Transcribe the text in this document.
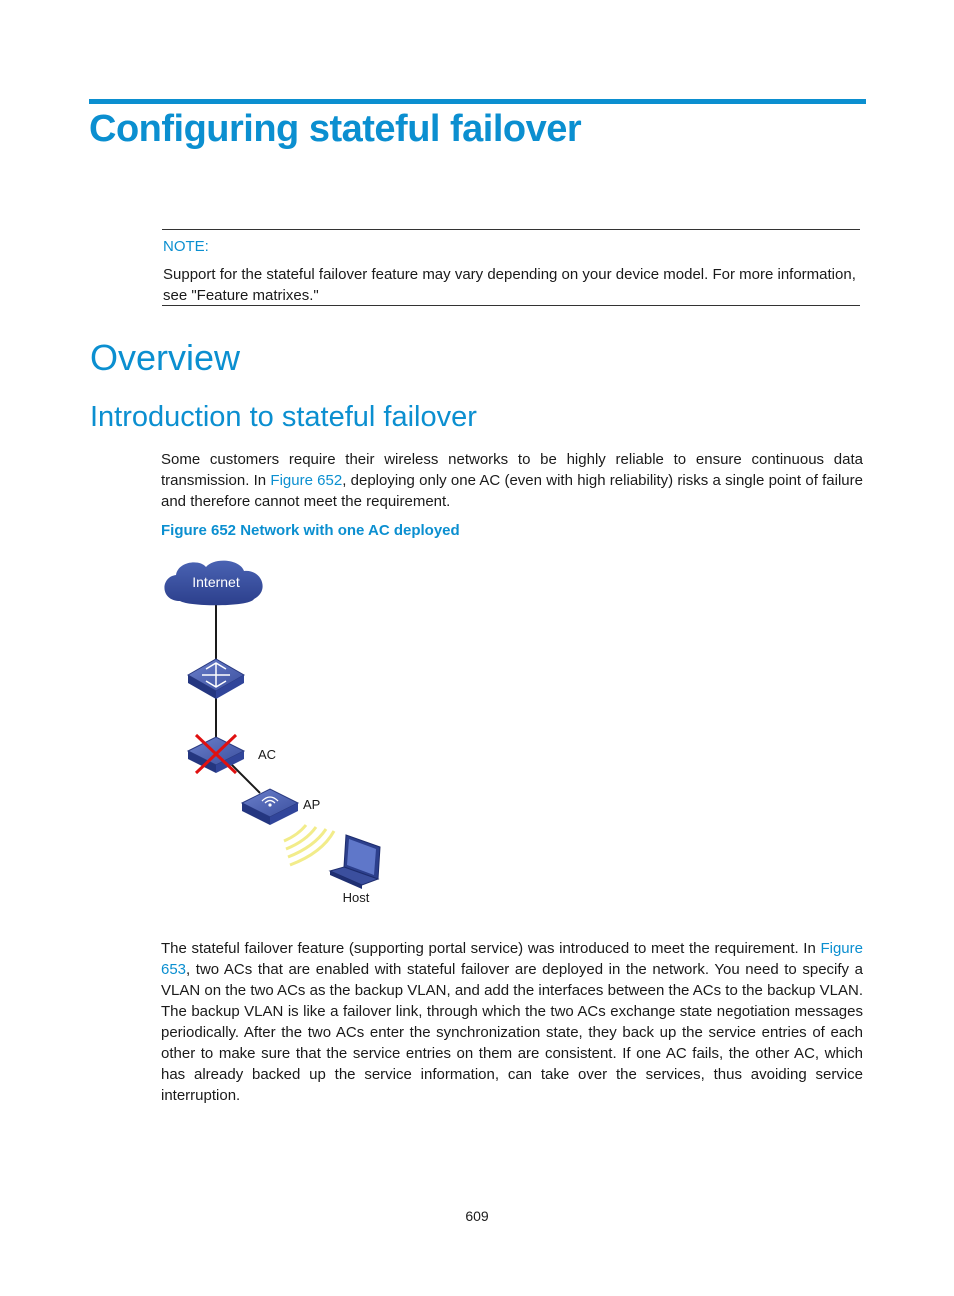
Configuring stateful failover
NOTE:
Support for the stateful failover feature may vary depending on your device model. For more information, see "Feature matrixes."
Overview
Introduction to stateful failover

Some customers require their wireless networks to be highly reliable to ensure continuous data transmission. In Figure 652, deploying only one AC (even with high reliability) risks a single point of failure and therefore cannot meet the requirement.

Figure 652 Network with one AC deployed
Internet
AC
AP
Host

The stateful failover feature (supporting portal service) was introduced to meet the requirement. In Figure 653, two ACs that are enabled with stateful failover are deployed in the network. You need to specify a VLAN on the two ACs as the backup VLAN, and add the interfaces between the ACs to the backup VLAN. The backup VLAN is like a failover link, through which the two ACs exchange state negotiation messages periodically. After the two ACs enter the synchronization state, they back up the service entries of each other to make sure that the service entries on them are consistent. If one AC fails, the other AC, which has already backed up the service information, can take over the services, thus avoiding service interruption.

609
